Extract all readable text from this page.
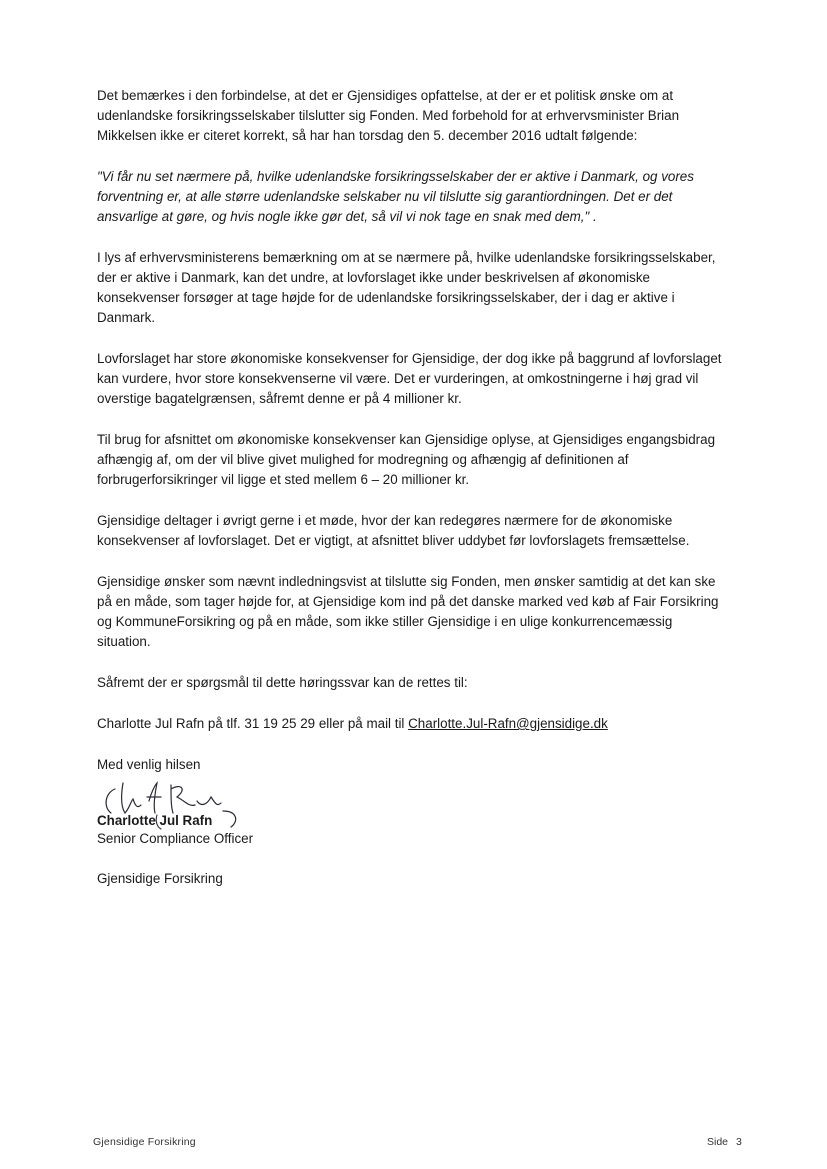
Det bemærkes i den forbindelse, at det er Gjensidiges opfattelse, at der er et politisk ønske om at udenlandske forsikringsselskaber tilslutter sig Fonden. Med forbehold for at erhvervsminister Brian Mikkelsen ikke er citeret korrekt, så har han torsdag den 5. december 2016 udtalt følgende:

"Vi får nu set nærmere på, hvilke udenlandske forsikringsselskaber der er aktive i Danmark, og vores forventning er, at alle større udenlandske selskaber nu vil tilslutte sig garantiordningen. Det er det ansvarlige at gøre, og hvis nogle ikke gør det, så vil vi nok tage en snak med dem," .

I lys af erhvervsministerens bemærkning om at se nærmere på, hvilke udenlandske forsikringsselskaber, der er aktive i Danmark, kan det undre, at lovforslaget ikke under beskrivelsen af økonomiske konsekvenser forsøger at tage højde for de udenlandske forsikringsselskaber, der i dag er aktive i Danmark.

Lovforslaget har store økonomiske konsekvenser for Gjensidige, der dog ikke på baggrund af lovforslaget kan vurdere, hvor store konsekvenserne vil være. Det er vurderingen, at omkostningerne i høj grad vil overstige bagatelgrænsen, såfremt denne er på 4 millioner kr.

Til brug for afsnittet om økonomiske konsekvenser kan Gjensidige oplyse, at Gjensidiges engangsbidrag afhængig af, om der vil blive givet mulighed for modregning og afhængig af definitionen af forbrugerforsikringer vil ligge et sted mellem 6 – 20 millioner kr.

Gjensidige deltager i øvrigt gerne i et møde, hvor der kan redegøres nærmere for de økonomiske konsekvenser af lovforslaget. Det er vigtigt, at afsnittet bliver uddybet før lovforslagets fremsættelse.

Gjensidige ønsker som nævnt indledningsvist at tilslutte sig Fonden, men ønsker samtidig at det kan ske på en måde, som tager højde for, at Gjensidige kom ind på det danske marked ved køb af Fair Forsikring og KommuneForsikring og på en måde, som ikke stiller Gjensidige i en ulige konkurrencemæssig situation.

Såfremt der er spørgsmål til dette høringssvar kan de rettes til:

Charlotte Jul Rafn på tlf. 31 19 25 29 eller på mail til Charlotte.Jul-Rafn@gjensidige.dk

Med venlig hilsen

Charlotte Jul Rafn

Senior Compliance Officer

Gjensidige Forsikring

Gjensidige Forsikring	Side 3
